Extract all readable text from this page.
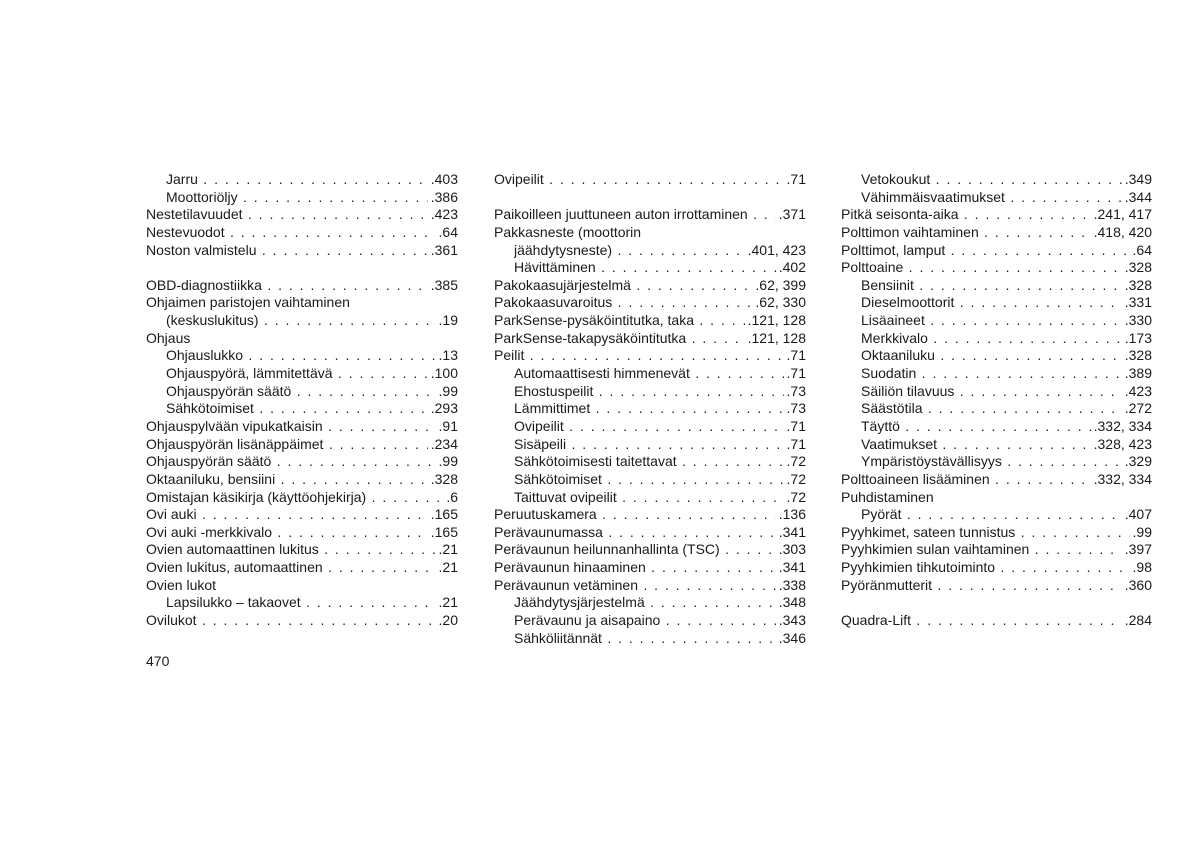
Jarru . . .	.403
Moottoriöljy . . .	.386
Nestetilavuudet . . .	.423
Nestevuodot . . .	.64
Noston valmistelu . . .	.361
OBD-diagnostiikka . . .	.385
Ohjaimen paristojen vaihtaminen
(keskuslukitus) . . .	.19
Ohjaus
Ohjauslukko . . .	.13
Ohjauspyörä, lämmitettävä . . .	.100
Ohjauspyörän säätö . . .	.99
Sähkötoimiset . . .	.293
Ohjauspylvään vipukatkaisin . . .	.91
Ohjauspyörän lisänäppäimet . . .	.234
Ohjauspyörän säätö . . .	.99
Oktaaniluku, bensiini . . .	.328
Omistajan käsikirja (käyttöohjekirja) . . .	.6
Ovi auki . . .	.165
Ovi auki -merkkivalo . . .	.165
Ovien automaattinen lukitus . . .	.21
Ovien lukitus, automaattinen . . .	.21
Ovien lukot
Lapsilukko – takaovet . . .	.21
Ovilukot . . .	.20
Ovipeilit . . .	.71
Paikoilleen juuttuneen auton irrottaminen . . . .371
Pakkasneste (moottorin
jäähdytysneste) . . .	.401, 423
Hävittäminen . . .	.402
Pakokaasujärjestelmä . . .	.62, 399
Pakokaasuvaroitus . . .	.62, 330
ParkSense-pysäköintitutka, taka . . .	.121, 128
ParkSense-takapysäköintitutka . . .	.121, 128
Peilit . . .	.71
Automaattisesti himmenevät . . .	.71
Ehostuspeilit . . .	.73
Lämmittimet . . .	.73
Ovipeilit . . .	.71
Sisäpeili . . .	.71
Sähkötoimisesti taitettavat . . .	.72
Sähkötoimiset . . .	.72
Taittuvat ovipeilit . . .	.72
Peruutuskamera . . .	.136
Perävaunumassa . . .	.341
Perävaunun heilunnanhallinta (TSC) . . .	.303
Perävaunun hinaaminen . . .	.341
Perävaunun vetäminen . . .	.338
Jäähdytysjärjestelmä . . .	.348
Perävaunu ja aisapaino . . .	.343
Sähköliitännät . . .	.346
Vetokoukut . . .	.349
Vähimmäisvaatimukset . . .	.344
Pitkä seisonta-aika . . .	.241, 417
Polttimon vaihtaminen . . .	.418, 420
Polttimot, lamput . . .	.64
Polttoaine . . .	.328
Bensiinit . . .	.328
Dieselmoottorit . . .	.331
Lisäaineet . . .	.330
Merkkivalo . . .	.173
Oktaaniluku . . .	.328
Suodatin . . .	.389
Säiliön tilavuus . . .	.423
Säästötila . . .	.272
Täyttö . . .	.332, 334
Vaatimukset . . .	.328, 423
Ympäristöystävällisyys . . .	.329
Polttoaineen lisääminen . . .	.332, 334
Puhdistaminen
Pyörät . . .	.407
Pyyhkimet, sateen tunnistus . . .	.99
Pyyhkimien sulan vaihtaminen . . .	.397
Pyyhkimien tihkutoiminto . . .	.98
Pyöränmutterit . . .	.360
Quadra-Lift . . .	.284
470
